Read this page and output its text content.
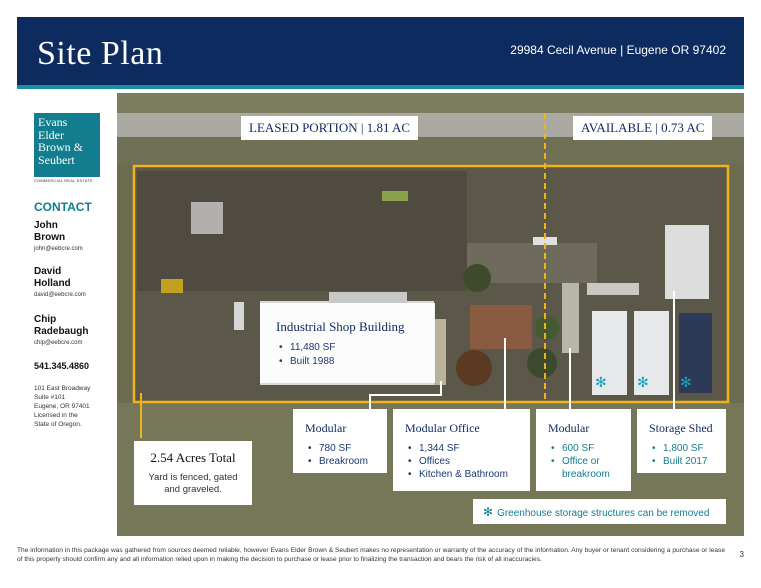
Site Plan	29984 Cecil Avenue | Eugene OR 97402
Evans
Elder
Brown &
Seubert
COMMERCIAL REAL ESTATE
CONTACT
John
Brown
john@eebcre.com
David
Holland
david@eebcre.com
Chip
Radebaugh
chip@eebcre.com
541.345.4860
101 East Broadway
Suite #101
Eugene, OR 97401
Licensed in the
State of Oregon.
✻ ✻ ✻
LEASED PORTION | 1.81 AC	AVAILABLE | 0.73 AC
Industrial Shop Building
• 11,480 SF
• Built 1988
Modular
• 780 SF
• Breakroom
Modular Office
• 1,344 SF
• Offices
• Kitchen & Bathroom
Modular
• 600 SF
• Office or breakroom
Storage Shed
• 1,800 SF
• Built 2017
2.54 Acres Total
Yard is fenced, gated
and graveled.
✻ Greenhouse storage structures can be removed
The information in this package was gathered from sources deemed reliable, however Evans Elder Brown & Seubert makes no representation or warranty of the accuracy of the information. Any buyer or tenant considering a purchase or lease of this property should confirm any and all information relied upon in making the decision to purchase or lease prior to finalizing the transaction and bears the risk of all inaccuracies.
3
